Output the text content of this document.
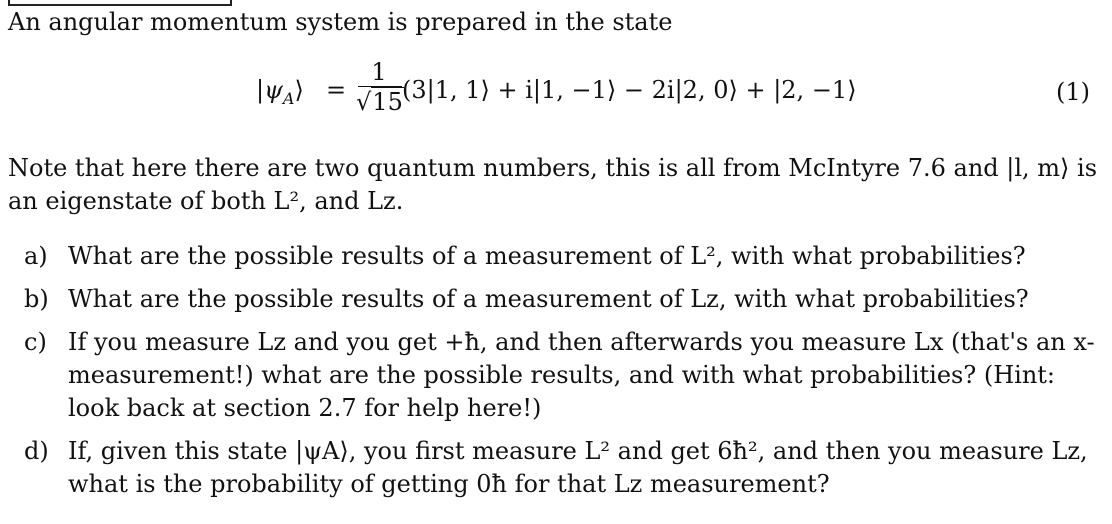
An angular momentum system is prepared in the state
$|\psi_A⟩$ =
1
√15 (3|1, 1⟩ + i|1, −1⟩ − 2i|2, 0⟩ + |2, −1⟩	(1)
Note that here there are two quantum numbers, this is all from McIntyre 7.6 and |l, m⟩ is an eigenstate of both L², and Lz.
a) What are the possible results of a measurement of L², with what probabilities?
b) What are the possible results of a measurement of Lz, with what probabilities?
c) If you measure Lz and you get +ħ, and then afterwards you measure Lx (that's an x-measurement!) what are the possible results, and with what probabilities? (Hint: look back at section 2.7 for help here!)
d) If, given this state |ψA⟩, you first measure L² and get 6ħ², and then you measure Lz, what is the probability of getting 0ħ for that Lz measurement?
